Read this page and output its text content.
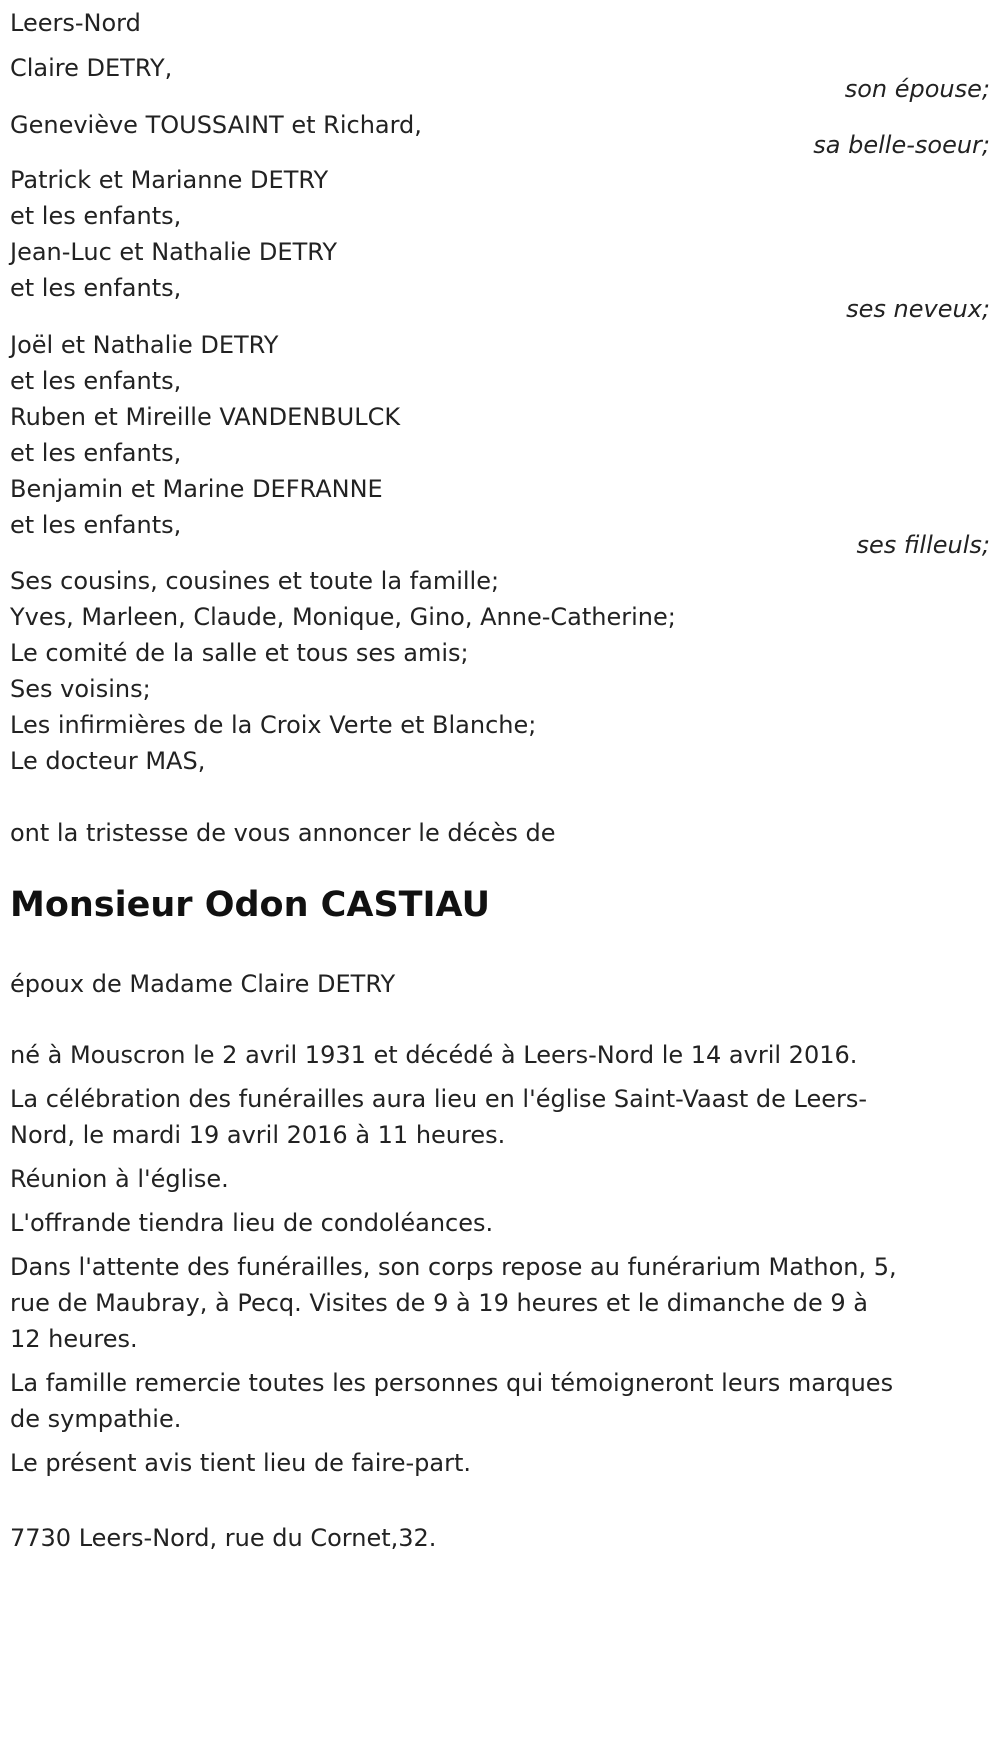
Leers-Nord
Claire DETRY,
son épouse;
Geneviève TOUSSAINT et Richard,
sa belle-soeur;
Patrick et Marianne DETRY
et les enfants,
Jean-Luc et Nathalie DETRY
et les enfants,
ses neveux;
Joël et Nathalie DETRY
et les enfants,
Ruben et Mireille VANDENBULCK
et les enfants,
Benjamin et Marine DEFRANNE
et les enfants,
ses filleuls;
Ses cousins, cousines et toute la famille;
Yves, Marleen, Claude, Monique, Gino, Anne-Catherine;
Le comité de la salle et tous ses amis;
Ses voisins;
Les infirmières de la Croix Verte et Blanche;
Le docteur MAS,
ont la tristesse de vous annoncer le décès de
Monsieur Odon CASTIAU
époux de Madame Claire DETRY
né à Mouscron le 2 avril 1931 et décédé à Leers-Nord le 14 avril 2016.
La célébration des funérailles aura lieu en l'église Saint-Vaast de Leers-Nord, le mardi 19 avril 2016 à 11 heures.
Réunion à l'église.
L'offrande tiendra lieu de condoléances.
Dans l'attente des funérailles, son corps repose au funérarium Mathon, 5, rue de Maubray, à Pecq. Visites de 9 à 19 heures et le dimanche de 9 à 12 heures.
La famille remercie toutes les personnes qui témoigneront leurs marques de sympathie.
Le présent avis tient lieu de faire-part.
7730 Leers-Nord, rue du Cornet,32.
